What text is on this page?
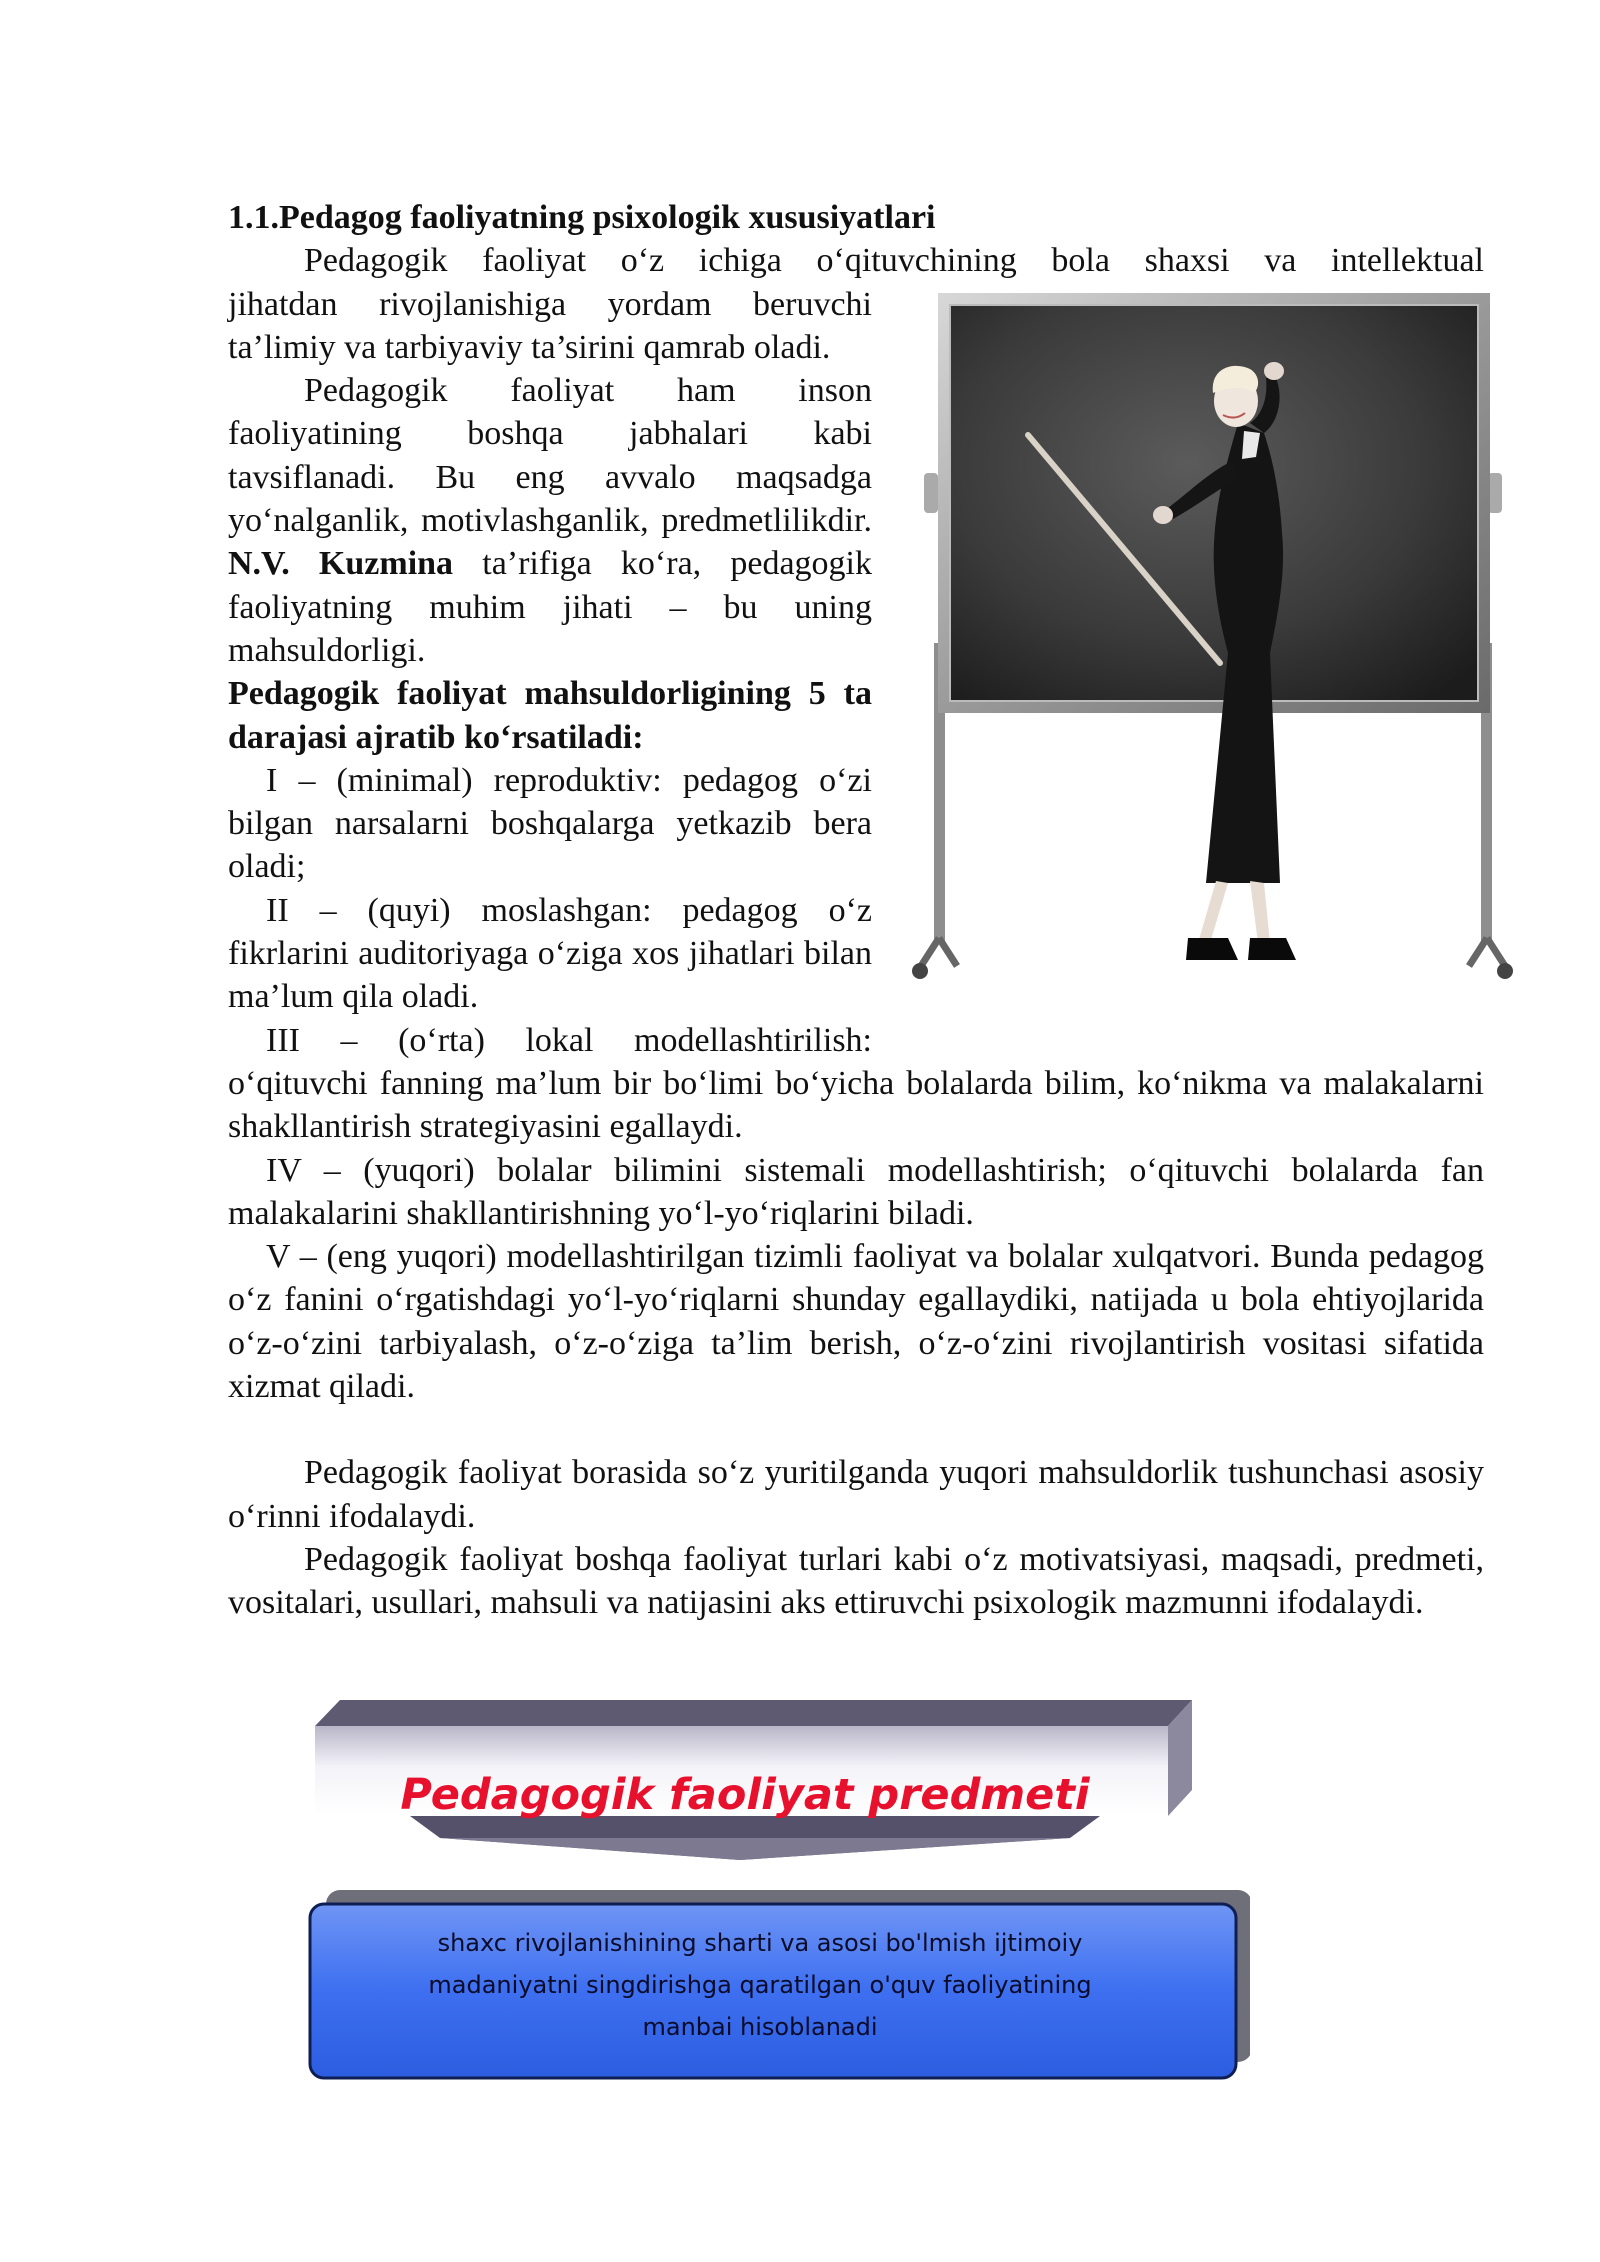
1.1.Pedagog faoliyatning psixologik xususiyatlari

Pedagogik faoliyat o‘z ichiga o‘qituvchining bola shaxsi va intellektual

jihatdan rivojlanishiga yordam beruvchi ta’limiy va tarbiyaviy ta’sirini qamrab oladi.

Pedagogik faoliyat ham inson faoliyatining boshqa jabhalari kabi tavsiflanadi. Bu eng avvalo maqsadga yo‘nalganlik, motivlashganlik, predmetlilikdir. N.V. Kuzmina ta’rifiga ko‘ra, pedagogik faoliyatning muhim jihati – bu uning mahsuldorligi.

Pedagogik faoliyat mahsuldorligining 5 ta darajasi ajratib ko‘rsatiladi:

I – (minimal) reproduktiv: pedagog o‘zi bilgan narsalarni boshqalarga yetkazib bera oladi;

II – (quyi) moslashgan: pedagog o‘z fikrlarini auditoriyaga o‘ziga xos jihatlari bilan ma’lum qila oladi.

III – (o‘rta) lokal modellashtirilish: o‘qituvchi fanning ma’lum bir bo‘limi bo‘yicha bolalarda bilim, ko‘nikma va malakalarni shakllantirish strategiyasini egallaydi.

IV – (yuqori) bolalar bilimini sistemali modellashtirish; o‘qituvchi bolalarda fan malakalarini shakllantirishning yo‘l-yo‘riqlarini biladi.

V – (eng yuqori) modellashtirilgan tizimli faoliyat va bolalar xulqatvori. Bunda pedagog o‘z fanini o‘rgatishdagi yo‘l-yo‘riqlarni shunday egallaydiki, natijada u bola ehtiyojlarida o‘z-o‘zini tarbiyalash, o‘z-o‘ziga ta’lim berish, o‘z-o‘zini rivojlantirish vositasi sifatida xizmat qiladi.

Pedagogik faoliyat borasida so‘z yuritilganda yuqori mahsuldorlik tushunchasi asosiy o‘rinni ifodalaydi.

Pedagogik faoliyat boshqa faoliyat turlari kabi o‘z motivatsiyasi, maqsadi, predmeti, vositalari, usullari, mahsuli va natijasini aks ettiruvchi psixologik mazmunni ifodalaydi.

Pedagogik faoliyat predmeti
shaxc rivojlanishining sharti va asosi bo'lmish ijtimoiy
madaniyatni singdirishga qaratilgan o'quv faoliyatining
manbai hisoblanadi
